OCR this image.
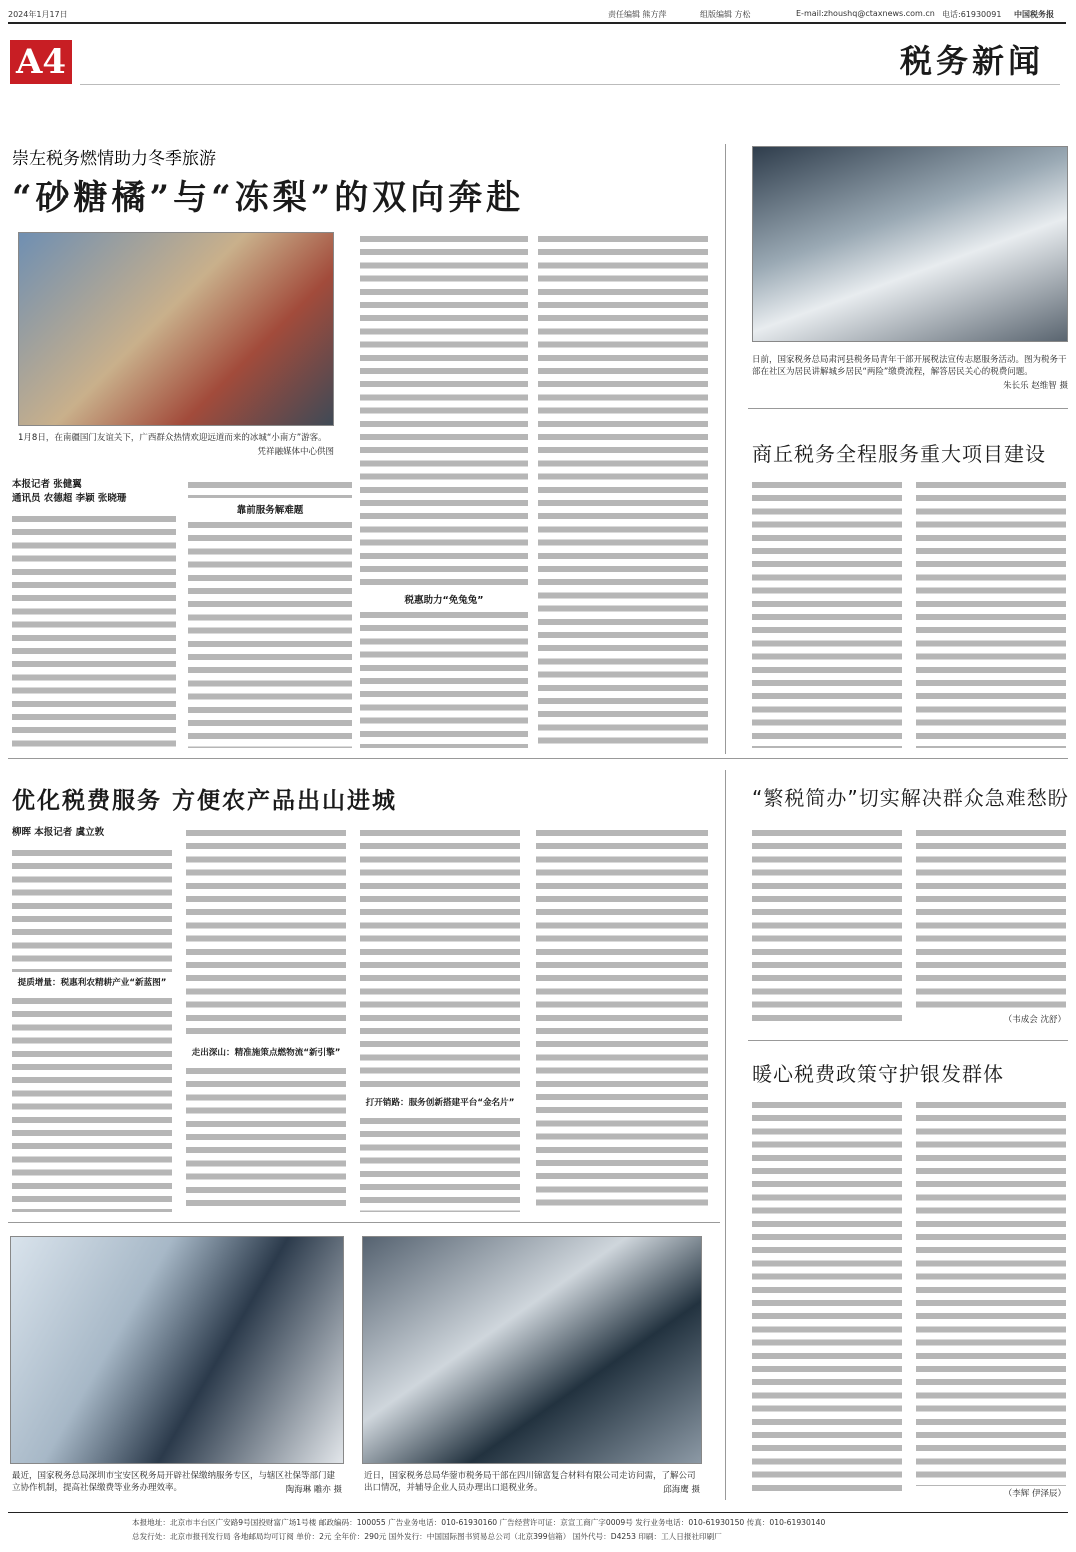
2024年1月17日	责任编辑 熊方萍	组版编辑 方松	E-mail:zhoushq@ctaxnews.com.cn 电话:61930091 中国税务报
A4	税务新闻
崇左税务燃情助力冬季旅游
“砂糖橘”与“冻梨”的双向奔赴
1月8日，在南疆国门友谊关下，广西群众热情欢迎远道而来的冰城“小南方”游客。
凭祥融媒体中心供图
本报记者 张健翼
通讯员 农德超 李颖 张晓珊
靠前服务解难题
税惠助力“免兔兔”
日前，国家税务总局肃河县税务局青年干部开展税法宣传志愿服务活动。图为税务干部在社区为居民讲解城乡居民“两险”缴费流程，解答居民关心的税费问题。
朱长乐 赵维智 摄
商丘税务全程服务重大项目建设
优化税费服务 方便农产品出山进城
柳晖 本报记者 虞立敦
提质增量：税惠利农精耕产业“新蓝图”
走出深山：精准施策点燃物流“新引擎”
打开销路：服务创新搭建平台“金名片”
“繁税简办”切实解决群众急难愁盼
（韦成会 沈舒）
暖心税费政策守护银发群体
（李辉 伊泽辰）
最近，国家税务总局深圳市宝安区税务局开辟社保缴纳服务专区，与辖区社保等部门建立协作机制，提高社保缴费等业务办理效率。	陶海琳 雕亦 摄
近日，国家税务总局华蓥市税务局干部在四川锦富复合材料有限公司走访问需，了解公司出口情况，并辅导企业人员办理出口退税业务。	邱海鹰 摄
本报地址：北京市丰台区广安路9号国投财富广场1号楼 邮政编码：100055 广告业务电话：010-61930160 广告经营许可证：京宣工商广字0009号 发行业务电话：010-61930150 传真：010-61930140
总发行处：北京市报刊发行局 各地邮局均可订阅 单价：2元 全年价：290元 国外发行：中国国际图书贸易总公司（北京399信箱） 国外代号：D4253 印刷：工人日报社印刷厂
